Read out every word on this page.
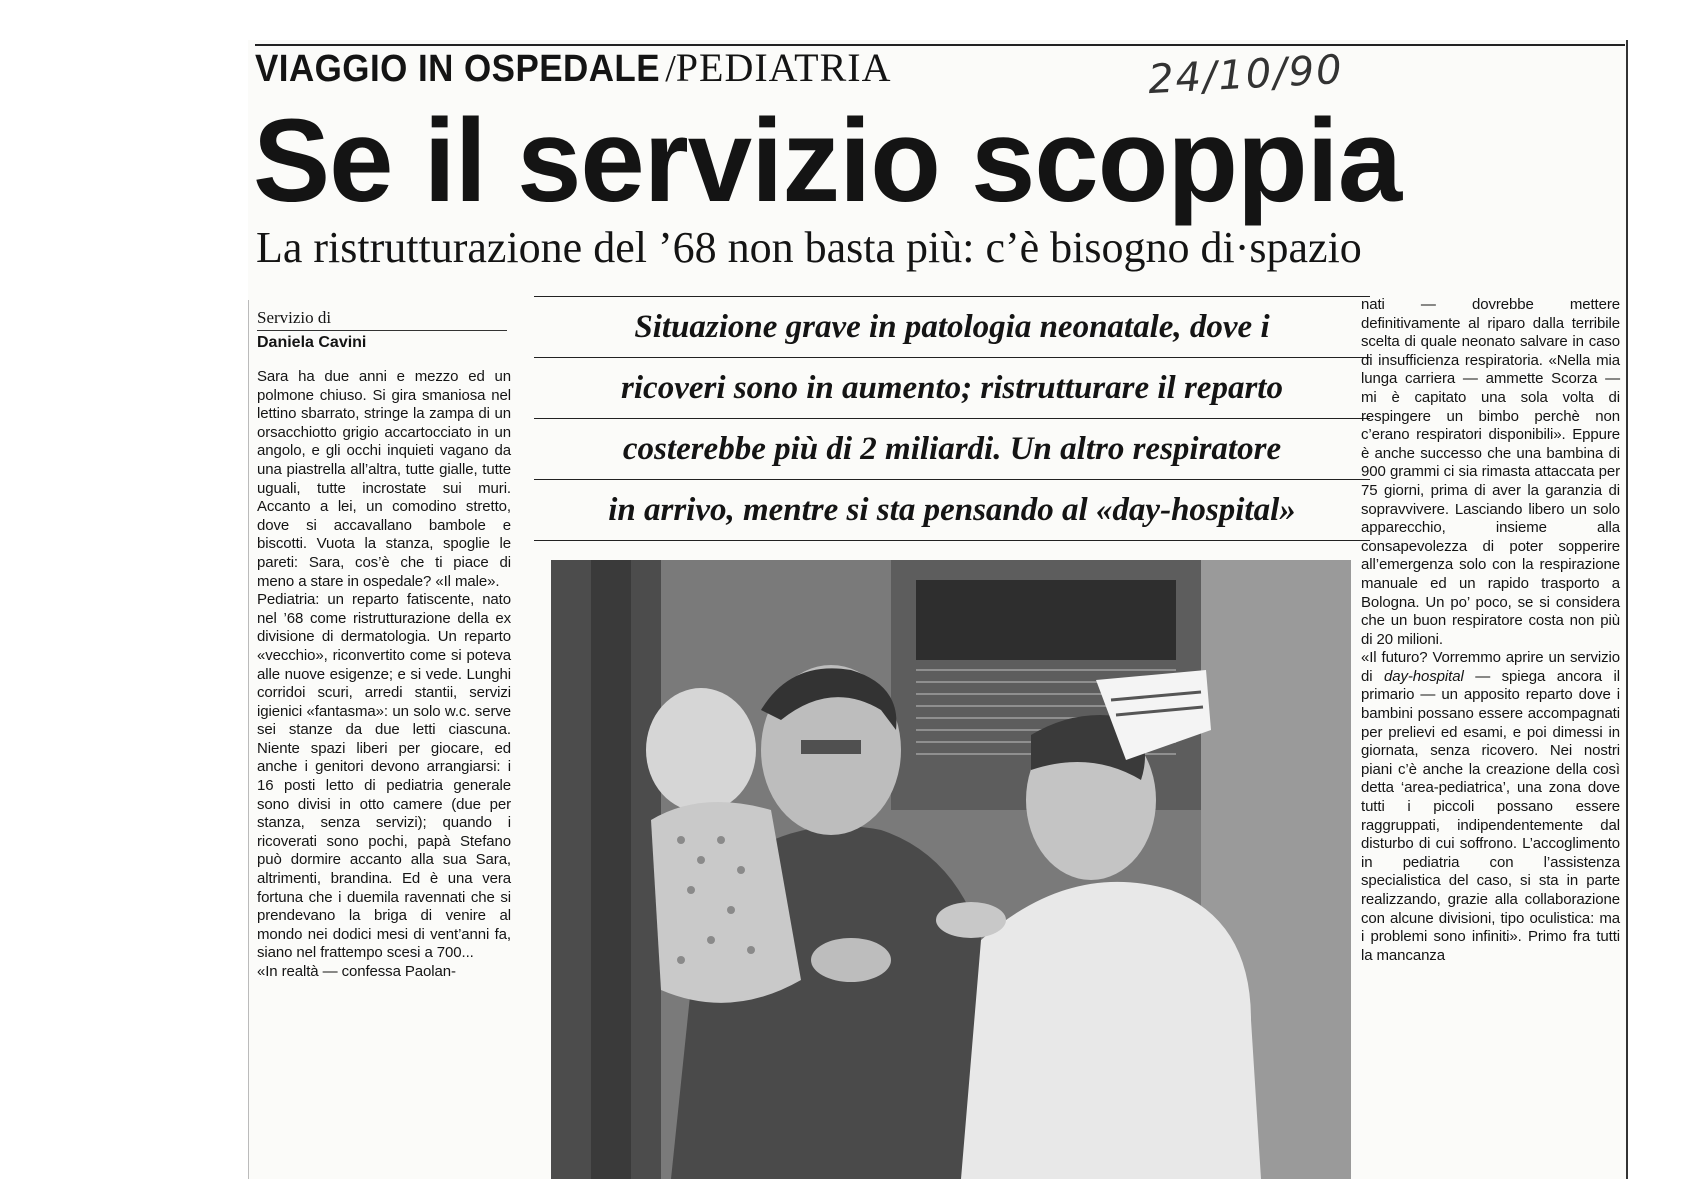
VIAGGIO IN OSPEDALE /PEDIATRIA	24/10/90
Se il servizio scoppia
La ristrutturazione del ’68 non basta più: c’è bisogno di·spazio
Servizio di
Daniela Cavini

Sara ha due anni e mezzo ed un polmone chiuso. Si gira smaniosa nel lettino sbarrato, stringe la zampa di un orsacchiotto grigio accartocciato in un angolo, e gli occhi inquieti vagano da una piastrella all’altra, tutte gialle, tutte uguali, tutte incrostate sui muri. Accanto a lei, un comodino stretto, dove si accavallano bambole e biscotti. Vuota la stanza, spoglie le pareti: Sara, cos’è che ti piace di meno a stare in ospedale? «Il male».

Pediatria: un reparto fatiscente, nato nel ’68 come ristrutturazione della ex divisione di dermatologia. Un reparto «vecchio», riconvertito come si poteva alle nuove esigenze; e si vede. Lunghi corridoi scuri, arredi stantii, servizi igienici «fantasma»: un solo w.c. serve sei stanze da due letti ciascuna. Niente spazi liberi per giocare, ed anche i genitori devono arrangiarsi: i 16 posti letto di pediatria generale sono divisi in otto camere (due per stanza, senza servizi); quando i ricoverati sono pochi, papà Stefano può dormire accanto alla sua Sara, altrimenti, brandina. Ed è una vera fortuna che i duemila ravennati che si prendevano la briga di venire al mondo nei dodici mesi di vent’anni fa, siano nel frattempo scesi a 700...

«In realtà — confessa Paolan-

Situazione grave in patologia neonatale, dove i
ricoveri sono in aumento; ristrutturare il reparto
costerebbe più di 2 miliardi. Un altro respiratore
in arrivo, mentre si sta pensando al «day-hospital»

nati — dovrebbe mettere definitivamente al riparo dalla terribile scelta di quale neonato salvare in caso di insufficienza respiratoria. «Nella mia lunga carriera — ammette Scorza — mi è capitato una sola volta di respingere un bimbo perchè non c’erano respiratori disponibili». Eppure è anche successo che una bambina di 900 grammi ci sia rimasta attaccata per 75 giorni, prima di aver la garanzia di sopravvivere. Lasciando libero un solo apparecchio, insieme alla consapevolezza di poter sopperire all’emergenza solo con la respirazione manuale ed un rapido trasporto a Bologna. Un po’ poco, se si considera che un buon respiratore costa non più di 20 milioni.

«Il futuro? Vorremmo aprire un servizio di day-hospital — spiega ancora il primario — un apposito reparto dove i bambini possano essere accompagnati per prelievi ed esami, e poi dimessi in giornata, senza ricovero. Nei nostri piani c’è anche la creazione della così detta ‘area-pediatrica’, una zona dove tutti i piccoli possano essere raggruppati, indipendentemente dal disturbo di cui soffrono. L’accoglimento in pediatria con l’assistenza specialistica del caso, si sta in parte realizzando, grazie alla collaborazione con alcune divisioni, tipo oculistica: ma i problemi sono infiniti». Primo fra tutti la mancanza
